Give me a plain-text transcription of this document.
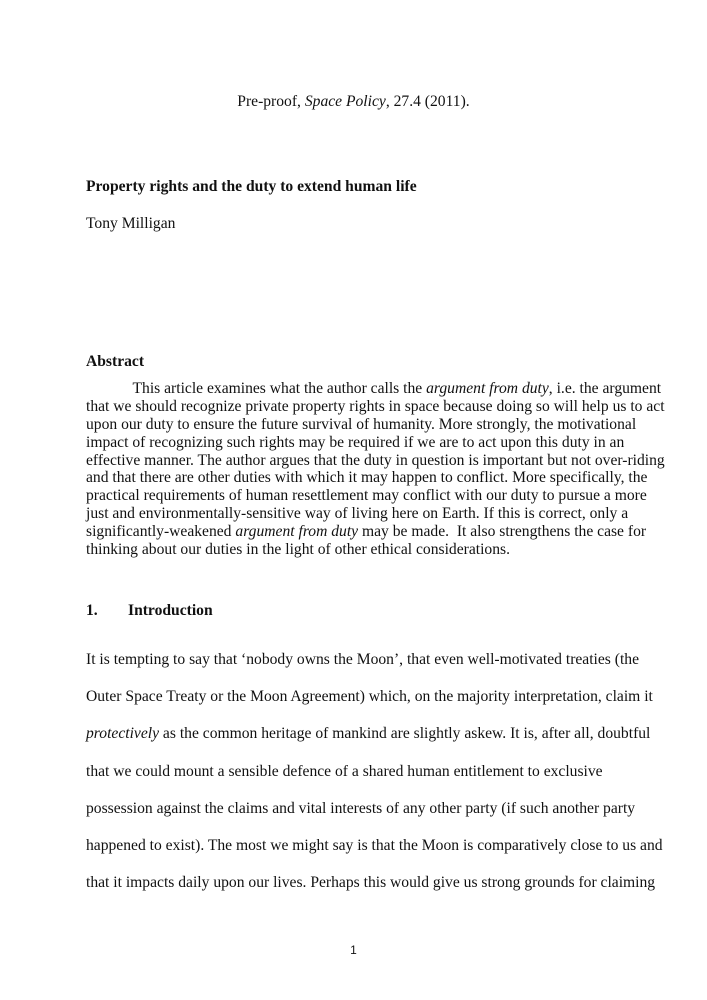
Pre-proof, Space Policy, 27.4 (2011).
Property rights and the duty to extend human life
Tony Milligan
Abstract
This article examines what the author calls the argument from duty, i.e. the argument
that we should recognize private property rights in space because doing so will help us to act
upon our duty to ensure the future survival of humanity. More strongly, the motivational
impact of recognizing such rights may be required if we are to act upon this duty in an
effective manner. The author argues that the duty in question is important but not over-riding
and that there are other duties with which it may happen to conflict. More specifically, the
practical requirements of human resettlement may conflict with our duty to pursue a more
just and environmentally-sensitive way of living here on Earth. If this is correct, only a
significantly-weakened argument from duty may be made.  It also strengthens the case for
thinking about our duties in the light of other ethical considerations.
1. Introduction
It is tempting to say that ‘nobody owns the Moon’, that even well-motivated treaties (the
Outer Space Treaty or the Moon Agreement) which, on the majority interpretation, claim it
protectively as the common heritage of mankind are slightly askew. It is, after all, doubtful
that we could mount a sensible defence of a shared human entitlement to exclusive
possession against the claims and vital interests of any other party (if such another party
happened to exist). The most we might say is that the Moon is comparatively close to us and
that it impacts daily upon our lives. Perhaps this would give us strong grounds for claiming
1
